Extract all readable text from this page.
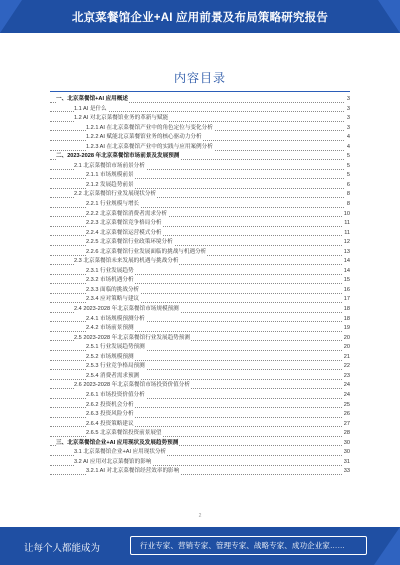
北京菜餐馆企业+AI 应用前景及布局策略研究报告
内容目录
一、北京菜餐馆+AI 应用概述	3
1.1 AI 是什么	3
1.2 AI 对北京菜餐馆业务的革新与赋能	3
1.2.1 AI 在北京菜餐馆产业中的角色定位与变化分析	3
1.2.2 AI 赋能北京菜餐馆业务的核心驱动力分析	4
1.2.3 AI 在北京菜餐馆产业中的实践与应用案例分析	4
二、2023-2028 年北京菜餐馆市场前景及发展预测	5
2.1 北京菜餐馆市场前景分析	5
2.1.1 市场规模前景	5
2.1.2 发展趋势前景	6
2.2 北京菜餐馆行业发展现状分析	8
2.2.1 行业规模与增长	8
2.2.2 北京菜餐馆消费者需求分析	10
2.2.3 北京菜餐馆竞争格局分析	11
2.2.4 北京菜餐馆运营模式分析	11
2.2.5 北京菜餐馆行业政策环境分析	12
2.2.6 北京菜餐馆行业发展面临的挑战与机遇分析	13
2.3 北京菜餐馆未来发展的机遇与挑战分析	14
2.3.1 行业发展趋势	14
2.3.2 市场机遇分析	15
2.3.3 面临的挑战分析	16
2.3.4 应对策略与建议	17
2.4 2023-2028 年北京菜餐馆市场规模预测	18
2.4.1 市场规模预测分析	18
2.4.2 市场前景预测	19
2.5 2023-2028 年北京菜餐馆行业发展趋势预测	20
2.5.1 行业发展趋势预测	20
2.5.2 市场规模预测	21
2.5.3 行业竞争格局预测	22
2.5.4 消费者需求预测	23
2.6 2023-2028 年北京菜餐馆市场投资价值分析	24
2.6.1 市场投资价值分析	24
2.6.2 投资机会分析	25
2.6.3 投资风险分析	26
2.6.4 投资策略建议	27
2.6.5 北京菜餐馆投资前景展望	28
三、北京菜餐馆企业+AI 应用现状及发展趋势预测	30
3.1 北京菜餐馆企业+AI 应用现状分析	30
3.2 AI 应用对北京菜餐馆的影响	31
3.2.1 AI 对北京菜餐馆经营效率的影响	33
2
让每个人都能成为	行业专家、营销专家、管理专家、战略专家、成功企业家……
